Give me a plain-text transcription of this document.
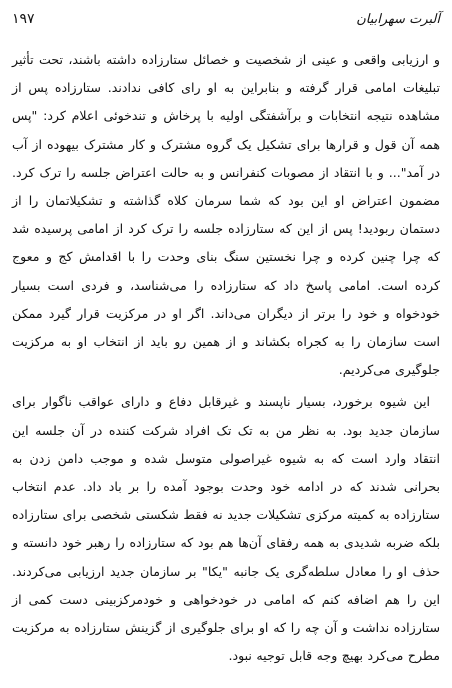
آلبرت سهرابیان
۱۹۷

و ارزیابی واقعی و عینی از شخصیت و خصائل ستارزاده داشته باشند، تحت تأثیر تبلیغات امامی قرار گرفته و بنابراین به او رای کافی ندادند. ستارزاده پس از مشاهده نتیجه انتخابات و برآشفتگی اولیه با پرخاش و تندخوئی اعلام کرد: "پس همه آن قول و قرارها برای تشکیل یک گروه مشترک و کار مشترک بیهوده از آب در آمد"... و با انتقاد از مصوبات کنفرانس و به حالت اعتراض جلسه را ترک کرد. مضمون اعتراض او این بود که شما سرمان کلاه گذاشته و تشکیلاتمان را از دستمان ربودید! پس از این که ستارزاده جلسه را ترک کرد از امامی پرسیده شد که چرا چنین کرده و چرا نخستین سنگ بنای وحدت را با اقدامش کج و معوج کرده است. امامی پاسخ داد که ستارزاده را می‌شناسد، و فردی است بسیار خودخواه و خود را برتر از دیگران می‌داند. اگر او در مرکزیت قرار گیرد ممکن است سازمان را به کجراه بکشاند و از همین رو باید از انتخاب او به مرکزیت جلوگیری می‌کردیم.

این شیوه برخورد، بسیار ناپسند و غیرقابل دفاع و دارای عواقب ناگوار برای سازمان جدید بود. به نظر من به تک تک افراد شرکت کننده در آن جلسه این انتقاد وارد است که به شیوه غیراصولی متوسل شده و موجب دامن زدن به بحرانی شدند که در ادامه خود وحدت بوجود آمده را بر باد داد. عدم انتخاب ستارزاده به کمیته مرکزی تشکیلات جدید نه فقط شکستی شخصی برای ستارزاده بلکه ضربه شدیدی به همه رفقای آن‌ها هم بود که ستارزاده را رهبر خود دانسته و حذف او را معادل سلطه‌گری یک جانبه "یکا" بر سازمان جدید ارزیابی می‌کردند. این را هم اضافه کنم که امامی در خودخواهی و خودمرکزبینی دست کمی از ستارزاده نداشت و آن چه را که او برای جلوگیری از گزینش ستارزاده به مرکزیت مطرح می‌کرد بهیچ وجه قابل توجیه نبود.
